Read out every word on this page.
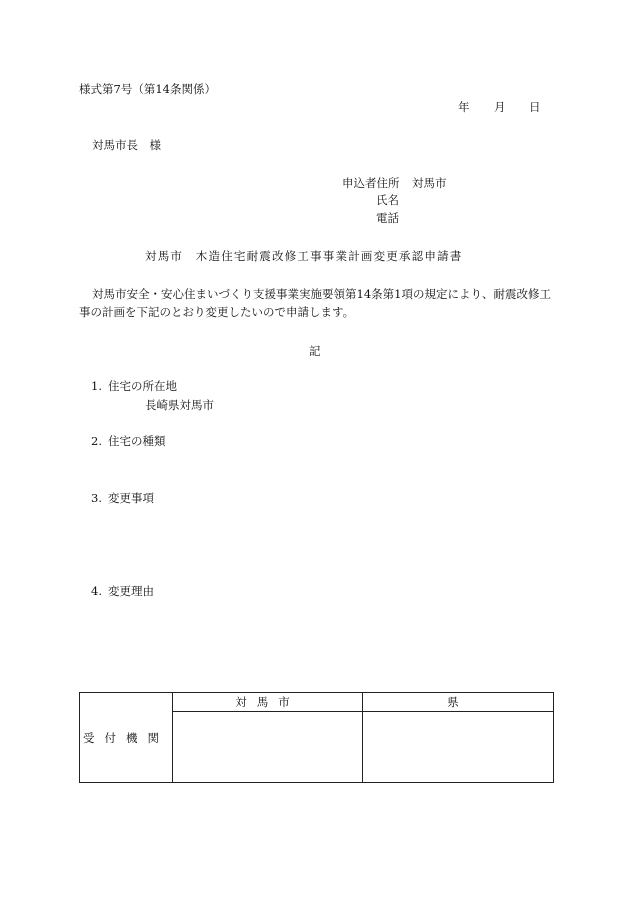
様式第7号（第14条関係）
年 月 日
対馬市長　様
申込者住所 対馬市
氏名
電話
対馬市　木造住宅耐震改修工事事業計画変更承認申請書
対馬市安全・安心住まいづくり支援事業実施要領第14条第1項の規定により、耐震改修工
事の計画を下記のとおり変更したいので申請します。
記
1. 住宅の所在地
長崎県対馬市
2. 住宅の種類
3. 変更事項
4. 変更理由
受付機関	対馬市	県
